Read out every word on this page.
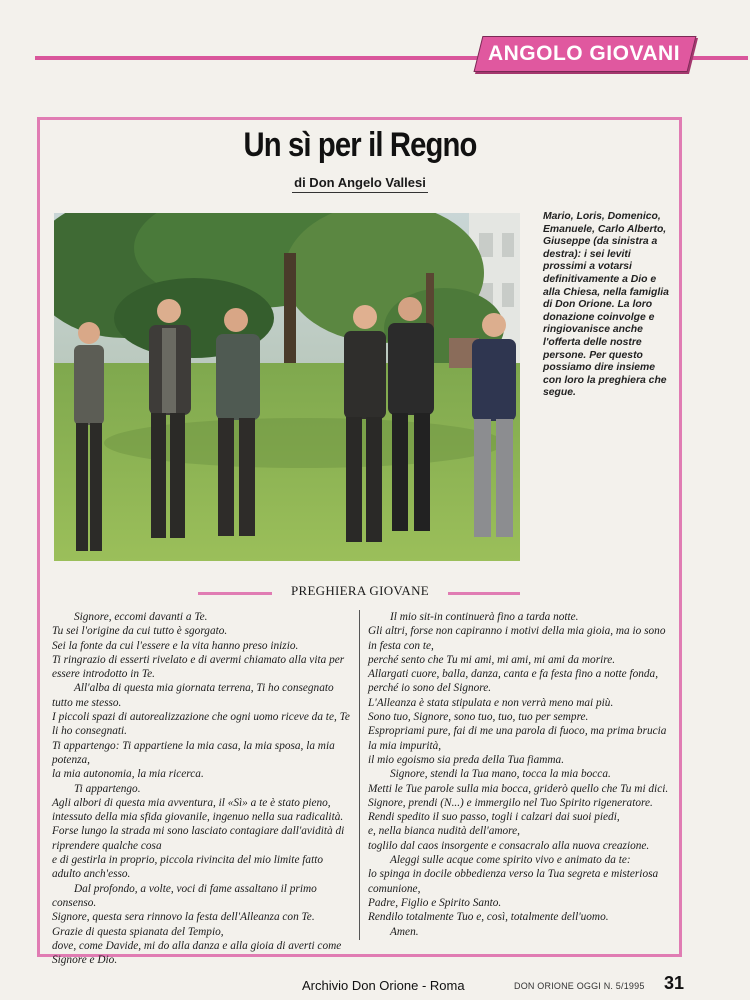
ANGOLO GIOVANI
Un sì per il Regno
di Don Angelo Vallesi
Mario, Loris, Domenico, Emanuele, Carlo Alberto, Giuseppe (da sinistra a destra): i sei leviti prossimi a votarsi definitivamente a Dio e alla Chiesa, nella famiglia di Don Orione. La loro donazione coinvolge e ringiovanisce anche l'offerta delle nostre persone. Per questo possiamo dire insieme con loro la preghiera che segue.
PREGHIERA GIOVANE

Signore, eccomi davanti a Te.

Tu sei l'origine da cui tutto è sgorgato.

Sei la fonte da cui l'essere e la vita hanno preso inizio.

Ti ringrazio di esserti rivelato e di avermi chiamato alla vita per essere introdotto in Te.

All'alba di questa mia giornata terrena, Ti ho consegnato tutto me stesso.

I piccoli spazi di autorealizzazione che ogni uomo riceve da te, Te li ho consegnati.

Ti appartengo: Ti appartiene la mia casa, la mia sposa, la mia potenza,

la mia autonomia, la mia ricerca.

Ti appartengo.

Agli albori di questa mia avventura, il «Sì» a te è stato pieno, intessuto della mia sfida giovanile, ingenuo nella sua radicalità.

Forse lungo la strada mi sono lasciato contagiare dall'avidità di riprendere qualche cosa

e di gestirla in proprio, piccola rivincita del mio limite fatto adulto anch'esso.

Dal profondo, a volte, voci di fame assaltano il primo consenso.

Signore, questa sera rinnovo la festa dell'Alleanza con Te.

Grazie di questa spianata del Tempio,

dove, come Davide, mi do alla danza e alla gioia di averti come Signore e Dio.

Il mio sit-in continuerà fino a tarda notte.

Gli altri, forse non capiranno i motivi della mia gioia, ma io sono in festa con te,

perché sento che Tu mi ami, mi ami, mi ami da morire.

Allargati cuore, balla, danza, canta e fa festa fino a notte fonda, perché io sono del Signore.

L'Alleanza è stata stipulata e non verrà meno mai più.

Sono tuo, Signore, sono tuo, tuo, tuo per sempre.

Espropriami pure, fai di me una parola di fuoco, ma prima brucia la mia impurità,

il mio egoismo sia preda della Tua fiamma.

Signore, stendi la Tua mano, tocca la mia bocca.

Metti le Tue parole sulla mia bocca, griderò quello che Tu mi dici.

Signore, prendi (N...) e immergilo nel Tuo Spirito rigeneratore.

Rendi spedito il suo passo, togli i calzari dai suoi piedi,

e, nella bianca nudità dell'amore,

toglilo dal caos insorgente e consacralo alla nuova creazione.

Aleggi sulle acque come spirito vivo e animato da te:

lo spinga in docile obbedienza verso la Tua segreta e misteriosa comunione,

Padre, Figlio e Spirito Santo.

Rendilo totalmente Tuo e, così, totalmente dell'uomo.

Amen.

Archivio Don Orione - Roma	DON ORIONE OGGI N. 5/1995 31
